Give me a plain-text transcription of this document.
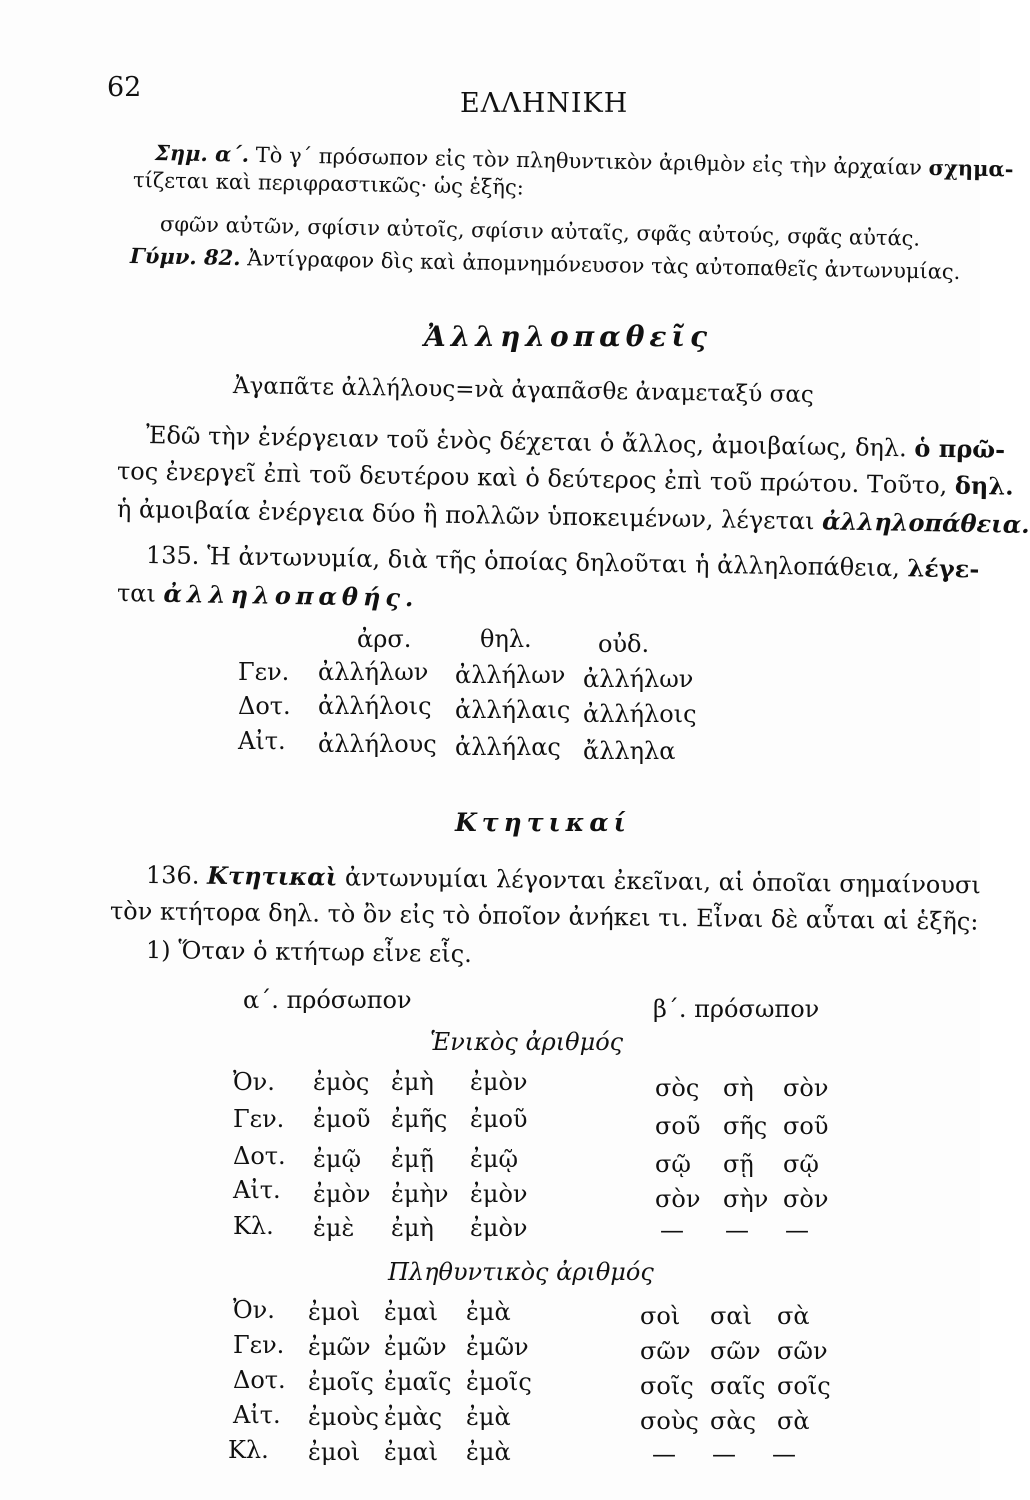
62
ΕΛΛΗΝΙΚΗ
Σημ. α΄. Τὸ γ΄ πρόσωπον εἰς τὸν πληθυντικὸν ἀριθμὸν εἰς τὴν ἀρχαίαν σχημα-
τίζεται καὶ περιφραστικῶς· ὡς ἑξῆς:
σφῶν αὐτῶν, σφίσιν αὐτοῖς, σφίσιν αὐταῖς, σφᾶς αὐτούς, σφᾶς αὐτάς.
Γύμν. 82. Ἀντίγραφον δὶς καὶ ἀπομνημόνευσον τὰς αὐτοπαθεῖς ἀντωνυμίας.
Ἀλληλοπαθεῖς
Ἀγαπᾶτε ἀλλήλους=νὰ ἀγαπᾶσθε ἀναμεταξύ σας
Ἐδῶ τὴν ἐνέργειαν τοῦ ἑνὸς δέχεται ὁ ἄλλος, ἀμοιβαίως, δηλ. ὁ πρῶ-
τος ἐνεργεῖ ἐπὶ τοῦ δευτέρου καὶ ὁ δεύτερος ἐπὶ τοῦ πρώτου. Τοῦτο, δηλ.
ἡ ἀμοιβαία ἐνέργεια δύο ἢ πολλῶν ὑποκειμένων, λέγεται ἀλληλοπάθεια.
135. Ἡ ἀντωνυμία, διὰ τῆς ὁποίας δηλοῦται ἡ ἀλληλοπάθεια, λέγε-
ται ἀλληλοπαθής.
ἀρσ.	θηλ.	οὐδ.
Γεν. ἀλλήλων ἀλλήλων ἀλλήλων
Δοτ. ἀλλήλοις ἀλλήλαις ἀλλήλοις
Αἰτ. ἀλλήλους ἀλλήλας ἄλληλα
Κτητικαί
136. Κτητικαὶ ἀντωνυμίαι λέγονται ἐκεῖναι, αἱ ὁποῖαι σημαίνουσι
τὸν κτήτορα δηλ. τὸ ὂν εἰς τὸ ὁποῖον ἀνήκει τι. Εἶναι δὲ αὗται αἱ ἑξῆς:
1) Ὅταν ὁ κτήτωρ εἶνε εἷς.
α΄. πρόσωπον	β΄. πρόσωπον
Ἑνικὸς ἀριθμός
Ὀν. ἐμὸς ἐμὴ ἐμὸν	σὸς σὴ σὸν
Γεν. ἐμοῦ ἐμῆς ἐμοῦ	σοῦ σῆς σοῦ
Δοτ. ἐμῷ ἐμῇ ἐμῷ	σῷ σῇ σῷ
Αἰτ. ἐμὸν ἐμὴν ἐμὸν	σὸν σὴν σὸν
Κλ. ἐμὲ ἐμὴ ἐμὸν	— — —
Πληθυντικὸς ἀριθμός
Ὀν. ἐμοὶ ἐμαὶ ἐμὰ	σοὶ σαὶ σὰ
Γεν. ἐμῶν ἐμῶν ἐμῶν	σῶν σῶν σῶν
Δοτ. ἐμοῖς ἐμαῖς ἐμοῖς	σοῖς σαῖς σοῖς
Αἰτ. ἐμοὺς ἐμὰς ἐμὰ	σοὺς σὰς σὰ
Κλ. ἐμοὶ ἐμαὶ ἐμὰ	— — —
